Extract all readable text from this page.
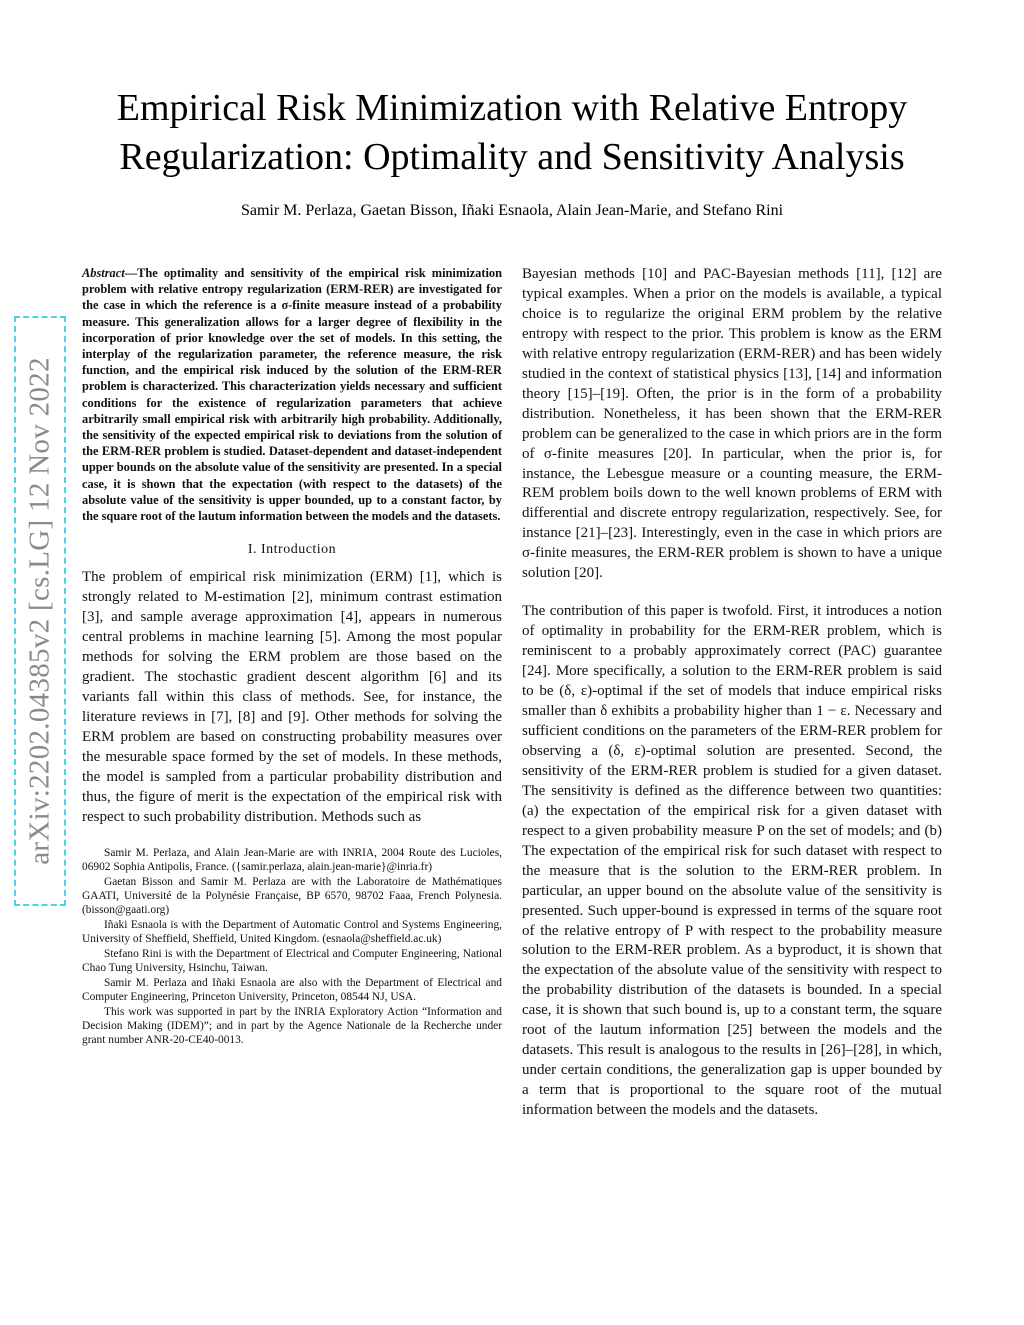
Empirical Risk Minimization with Relative Entropy
Regularization: Optimality and Sensitivity Analysis
Samir M. Perlaza, Gaetan Bisson, Iñaki Esnaola, Alain Jean-Marie, and Stefano Rini
arXiv:2202.04385v2 [cs.LG] 12 Nov 2022

Abstract—The optimality and sensitivity of the empirical risk minimization problem with relative entropy regularization (ERM-RER) are investigated for the case in which the reference is a σ-finite measure instead of a probability measure. This generalization allows for a larger degree of flexibility in the incorporation of prior knowledge over the set of models. In this setting, the interplay of the regularization parameter, the reference measure, the risk function, and the empirical risk induced by the solution of the ERM-RER problem is characterized. This characterization yields necessary and sufficient conditions for the existence of regularization parameters that achieve arbitrarily small empirical risk with arbitrarily high probability. Additionally, the sensitivity of the expected empirical risk to deviations from the solution of the ERM-RER problem is studied. Dataset-dependent and dataset-independent upper bounds on the absolute value of the sensitivity are presented. In a special case, it is shown that the expectation (with respect to the datasets) of the absolute value of the sensitivity is upper bounded, up to a constant factor, by the square root of the lautum information between the models and the datasets.

I. Introduction

The problem of empirical risk minimization (ERM) [1], which is strongly related to M-estimation [2], minimum contrast estimation [3], and sample average approximation [4], appears in numerous central problems in machine learning [5]. Among the most popular methods for solving the ERM problem are those based on the gradient. The stochastic gradient descent algorithm [6] and its variants fall within this class of methods. See, for instance, the literature reviews in [7], [8] and [9]. Other methods for solving the ERM problem are based on constructing probability measures over the mesurable space formed by the set of models. In these methods, the model is sampled from a particular probability distribution and thus, the figure of merit is the expectation of the empirical risk with respect to such probability distribution. Methods such as

Samir M. Perlaza, and Alain Jean-Marie are with INRIA, 2004 Route des Lucioles, 06902 Sophia Antipolis, France. ({samir.perlaza, alain.jean-marie}@inria.fr)

Gaetan Bisson and Samir M. Perlaza are with the Laboratoire de Mathématiques GAATI, Université de la Polynésie Française, BP 6570, 98702 Faaa, French Polynesia. (bisson@gaati.org)

Iñaki Esnaola is with the Department of Automatic Control and Systems Engineering, University of Sheffield, Sheffield, United Kingdom. (esnaola@sheffield.ac.uk)

Stefano Rini is with the Department of Electrical and Computer Engineering, National Chao Tung University, Hsinchu, Taiwan.

Samir M. Perlaza and Iñaki Esnaola are also with the Department of Electrical and Computer Engineering, Princeton University, Princeton, 08544 NJ, USA.

This work was supported in part by the INRIA Exploratory Action “Information and Decision Making (IDEM)”; and in part by the Agence Nationale de la Recherche under grant number ANR-20-CE40-0013.

Bayesian methods [10] and PAC-Bayesian methods [11], [12] are typical examples. When a prior on the models is available, a typical choice is to regularize the original ERM problem by the relative entropy with respect to the prior. This problem is know as the ERM with relative entropy regularization (ERM-RER) and has been widely studied in the context of statistical physics [13], [14] and information theory [15]–[19]. Often, the prior is in the form of a probability distribution. Nonetheless, it has been shown that the ERM-RER problem can be generalized to the case in which priors are in the form of σ-finite measures [20]. In particular, when the prior is, for instance, the Lebesgue measure or a counting measure, the ERM-REM problem boils down to the well known problems of ERM with differential and discrete entropy regularization, respectively. See, for instance [21]–[23]. Interestingly, even in the case in which priors are σ-finite measures, the ERM-RER problem is shown to have a unique solution [20].

The contribution of this paper is twofold. First, it introduces a notion of optimality in probability for the ERM-RER problem, which is reminiscent to a probably approximately correct (PAC) guarantee [24]. More specifically, a solution to the ERM-RER problem is said to be (δ, ε)-optimal if the set of models that induce empirical risks smaller than δ exhibits a probability higher than 1 − ε. Necessary and sufficient conditions on the parameters of the ERM-RER problem for observing a (δ, ε)-optimal solution are presented. Second, the sensitivity of the ERM-RER problem is studied for a given dataset. The sensitivity is defined as the difference between two quantities: (a) the expectation of the empirical risk for a given dataset with respect to a given probability measure P on the set of models; and (b) The expectation of the empirical risk for such dataset with respect to the measure that is the solution to the ERM-RER problem. In particular, an upper bound on the absolute value of the sensitivity is presented. Such upper-bound is expressed in terms of the square root of the relative entropy of P with respect to the probability measure solution to the ERM-RER problem. As a byproduct, it is shown that the expectation of the absolute value of the sensitivity with respect to the probability distribution of the datasets is bounded. In a special case, it is shown that such bound is, up to a constant term, the square root of the lautum information [25] between the models and the datasets. This result is analogous to the results in [26]–[28], in which, under certain conditions, the generalization gap is upper bounded by a term that is proportional to the square root of the mutual information between the models and the datasets.
